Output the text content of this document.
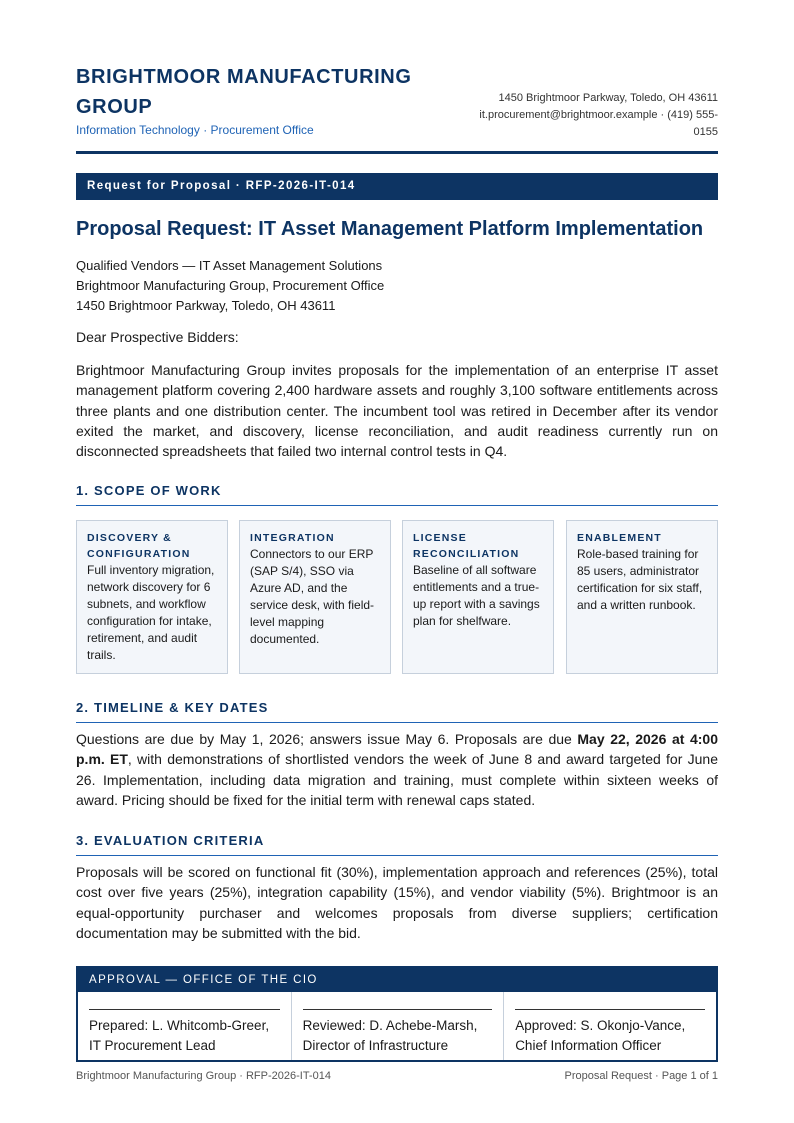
BRIGHTMOOR MANUFACTURING GROUP
Information Technology · Procurement Office
1450 Brightmoor Parkway, Toledo, OH 43611
it.procurement@brightmoor.example · (419) 555-0155
Request for Proposal · RFP-2026-IT-014
Proposal Request: IT Asset Management Platform Implementation
Qualified Vendors — IT Asset Management Solutions
Brightmoor Manufacturing Group, Procurement Office
1450 Brightmoor Parkway, Toledo, OH 43611
Dear Prospective Bidders:
Brightmoor Manufacturing Group invites proposals for the implementation of an enterprise IT asset management platform covering 2,400 hardware assets and roughly 3,100 software entitlements across three plants and one distribution center. The incumbent tool was retired in December after its vendor exited the market, and discovery, license reconciliation, and audit readiness currently run on disconnected spreadsheets that failed two internal control tests in Q4.
1. SCOPE OF WORK
DISCOVERY & CONFIGURATION
Full inventory migration, network discovery for 6 subnets, and workflow configuration for intake, retirement, and audit trails.
INTEGRATION
Connectors to our ERP (SAP S/4), SSO via Azure AD, and the service desk, with field-level mapping documented.
LICENSE RECONCILIATION
Baseline of all software entitlements and a true-up report with a savings plan for shelfware.
ENABLEMENT
Role-based training for 85 users, administrator certification for six staff, and a written runbook.
2. TIMELINE & KEY DATES
Questions are due by May 1, 2026; answers issue May 6. Proposals are due May 22, 2026 at 4:00 p.m. ET, with demonstrations of shortlisted vendors the week of June 8 and award targeted for June 26. Implementation, including data migration and training, must complete within sixteen weeks of award. Pricing should be fixed for the initial term with renewal caps stated.
3. EVALUATION CRITERIA
Proposals will be scored on functional fit (30%), implementation approach and references (25%), total cost over five years (25%), integration capability (15%), and vendor viability (5%). Brightmoor is an equal-opportunity purchaser and welcomes proposals from diverse suppliers; certification documentation may be submitted with the bid.
APPROVAL — OFFICE OF THE CIO
Prepared: L. Whitcomb-Greer,
IT Procurement Lead
Reviewed: D. Achebe-Marsh,
Director of Infrastructure
Approved: S. Okonjo-Vance,
Chief Information Officer
Brightmoor Manufacturing Group · RFP-2026-IT-014	Proposal Request · Page 1 of 1
